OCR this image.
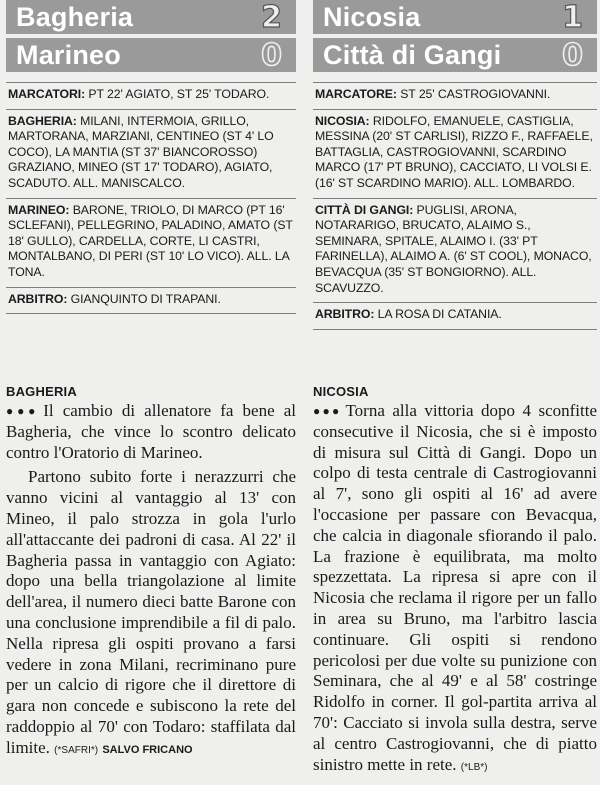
Bagheria	2
Marineo	0
MARCATORI: PT 22' AGIATO, ST 25' TODARO.
BAGHERIA: MILANI, INTERMOIA, GRILLO, MARTORANA, MARZIANI, CENTINEO (ST 4' LO COCO), LA MANTIA (ST 37' BIANCOROSSO) GRAZIANO, MINEO (ST 17' TODARO), AGIATO, SCADUTO. ALL. MANISCALCO.
MARINEO: BARONE, TRIOLO, DI MARCO (PT 16' SCLEFANI), PELLEGRINO, PALADINO, AMATO (ST 18' GULLO), CARDELLA, CORTE, LI CASTRI, MONTALBANO, DI PERI (ST 10' LO VICO). ALL. LA TONA.
ARBITRO: GIANQUINTO DI TRAPANI.
BAGHERIA

●●● Il cambio di allenatore fa bene al Bagheria, che vince lo scontro delicato contro l'Oratorio di Marineo.

Partono subito forte i nerazzurri che vanno vicini al vantaggio al 13' con Mineo, il palo strozza in gola l'urlo all'attaccante dei padroni di casa. Al 22' il Bagheria passa in vantaggio con Agiato: dopo una bella triangolazione al limite dell'area, il numero dieci batte Barone con una conclusione imprendibile a fil di palo. Nella ripresa gli ospiti provano a farsi vedere in zona Milani, recriminano pure per un calcio di rigore che il direttore di gara non concede e subiscono la rete del raddoppio al 70' con Todaro: staffilata dal limite. (*SAFRI*) SALVO FRICANO

Nicosia	1
Città di Gangi 0
MARCATORE: ST 25' CASTROGIOVANNI.
NICOSIA: RIDOLFO, EMANUELE, CASTIGLIA, MESSINA (20' ST CARLISI), RIZZO F., RAFFAELE, BATTAGLIA, CASTROGIOVANNI, SCARDINO MARCO (17' PT BRUNO), CACCIATO, LI VOLSI E. (16' ST SCARDINO MARIO). ALL. LOMBARDO.
CITTÀ DI GANGI: PUGLISI, ARONA, NOTARARIGO, BRUCATO, ALAIMO S., SEMINARA, SPITALE, ALAIMO I. (33' PT FARINELLA), ALAIMO A. (6' ST COOL), MONACO, BEVACQUA (35' ST BONGIORNO). ALL. SCAVUZZO.
ARBITRO: LA ROSA DI CATANIA.
NICOSIA

●●● Torna alla vittoria dopo 4 sconfitte consecutive il Nicosia, che si è imposto di misura sul Città di Gangi. Dopo un colpo di testa centrale di Castrogiovanni al 7', sono gli ospiti al 16' ad avere l'occasione per passare con Bevacqua, che calcia in diagonale sfiorando il palo. La frazione è equilibrata, ma molto spezzettata. La ripresa si apre con il Nicosia che reclama il rigore per un fallo in area su Bruno, ma l'arbitro lascia continuare. Gli ospiti si rendono pericolosi per due volte su punizione con Seminara, che al 49' e al 58' costringe Ridolfo in corner. Il gol-partita arriva al 70': Cacciato si invola sulla destra, serve al centro Castrogiovanni, che di piatto sinistro mette in rete. (*LB*)
